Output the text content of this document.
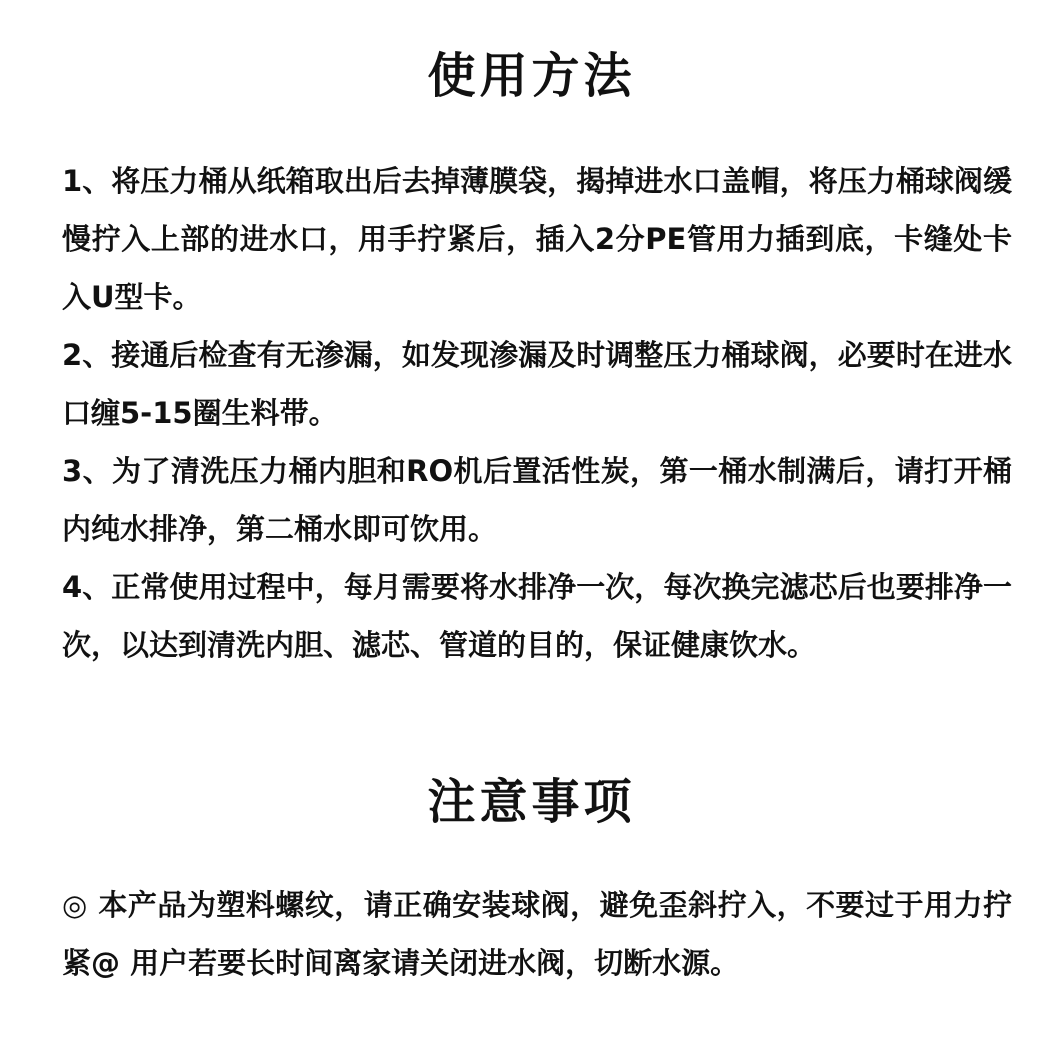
使用方法

1、将压力桶从纸箱取出后去掉薄膜袋，揭掉进水口盖帽，将压力桶球阀缓慢拧入上部的进水口，用手拧紧后，插入2分PE管用力插到底，卡缝处卡入U型卡。

2、接通后检查有无渗漏，如发现渗漏及时调整压力桶球阀，必要时在进水口缠5-15圈生料带。

3、为了清洗压力桶内胆和RO机后置活性炭，第一桶水制满后，请打开桶内纯水排净，第二桶水即可饮用。

4、正常使用过程中，每月需要将水排净一次，每次换完滤芯后也要排净一次，以达到清洗内胆、滤芯、管道的目的，保证健康饮水。

注意事项

◎ 本产品为塑料螺纹，请正确安装球阀，避免歪斜拧入，不要过于用力拧紧@ 用户若要长时间离家请关闭进水阀，切断水源。
